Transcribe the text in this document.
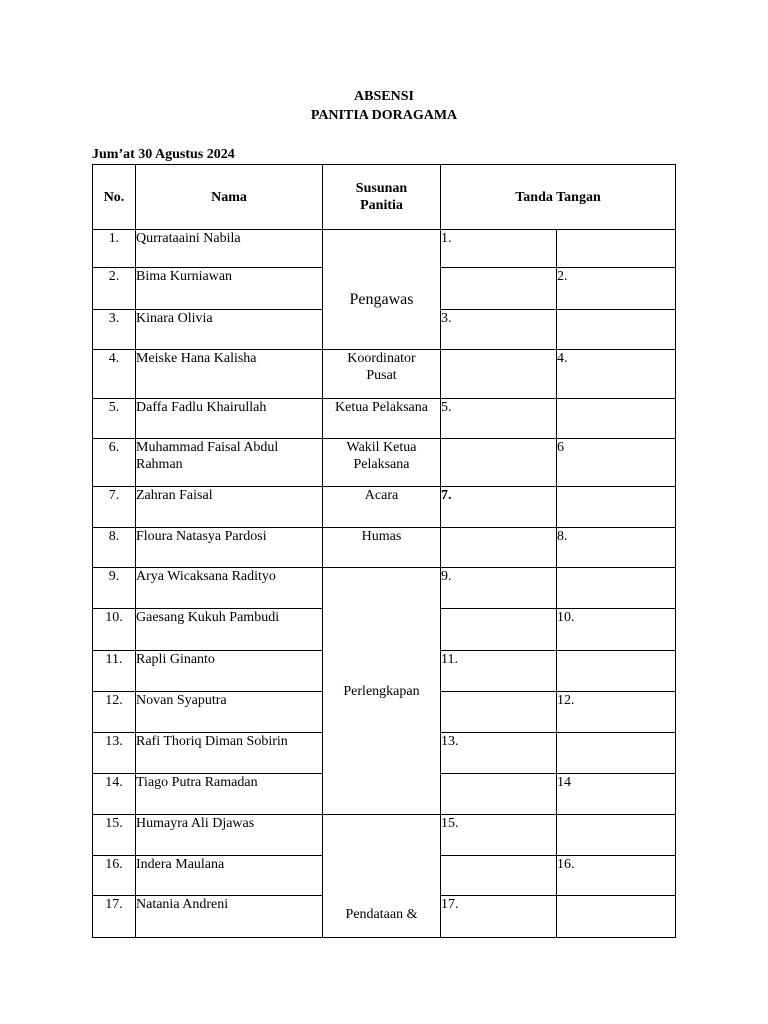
ABSENSI
PANITIA DORAGAMA
Jum’at 30 Agustus 2024
No.	Nama	Susunan Panitia	Tanda Tangan	
1.	Qurrataaini Nabila	Pengawas	1.	
2.	Bima Kurniawan			2.
3.	Kinara Olivia		3.	
4.	Meiske Hana Kalisha	Koordinator Pusat		4.
5.	Daffa Fadlu Khairullah	Ketua Pelaksana	5.	
6.	Muhammad Faisal Abdul Rahman	Wakil Ketua Pelaksana		6
7.	Zahran Faisal	Acara	7.	
8.	Floura Natasya Pardosi	Humas		8.
9.	Arya Wicaksana Radityo	Perlengkapan	9.	
10.	Gaesang Kukuh Pambudi			10.
11.	Rapli Ginanto		11.	
12.	Novan Syaputra			12.
13.	Rafi Thoriq Diman Sobirin		13.	
14.	Tiago Putra Ramadan			14
15.	Humayra Ali Djawas	Pendataan &	15.	
16.	Indera Maulana			16.
17.	Natania Andreni		17.	
